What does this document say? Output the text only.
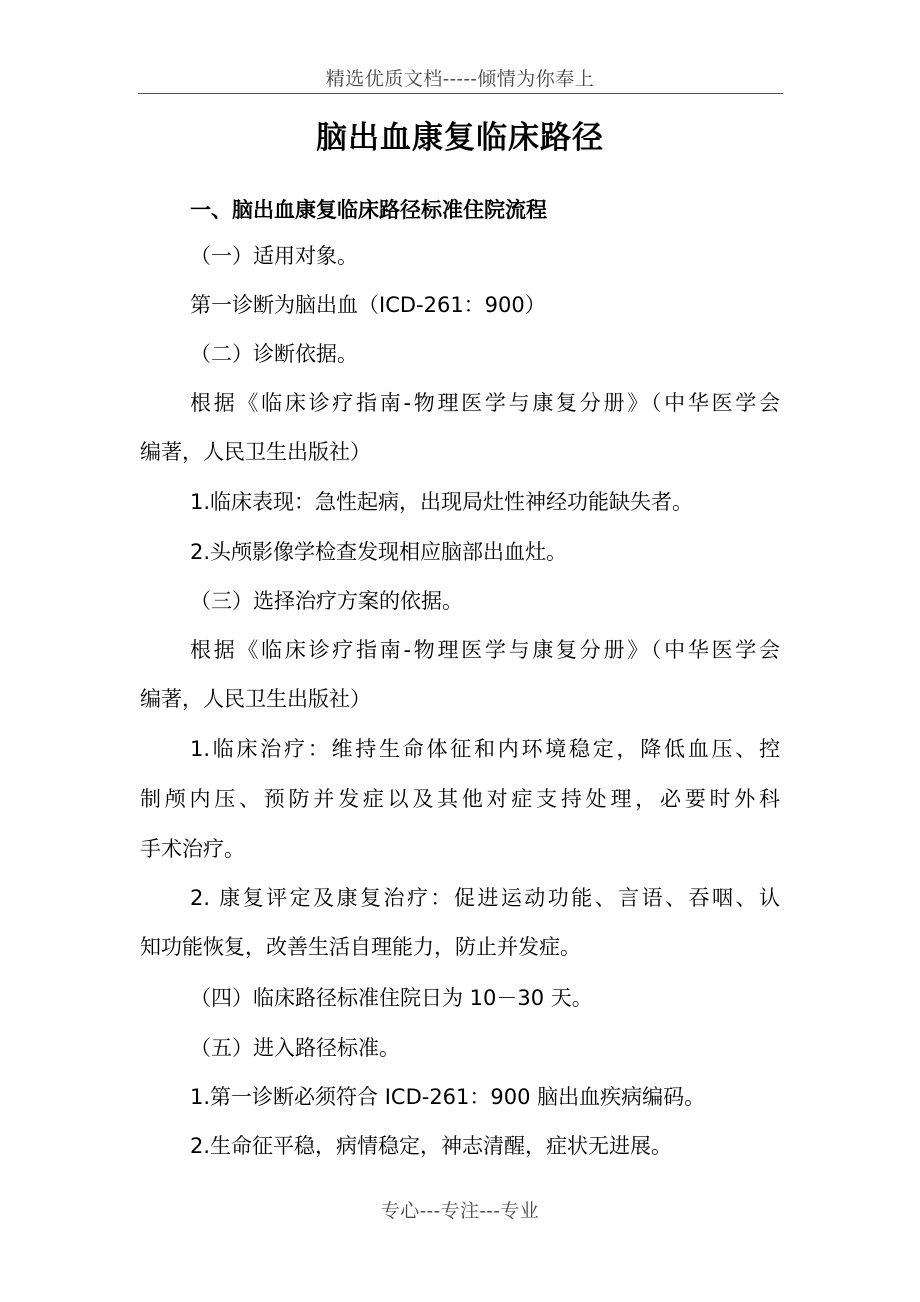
精选优质文档-----倾情为你奉上
脑出血康复临床路径
一、脑出血康复临床路径标准住院流程
（一）适用对象。
第一诊断为脑出血（ICD-261：900）
（二）诊断依据。
根据《临床诊疗指南-物理医学与康复分册》（中华医学会
编著，人民卫生出版社）
1.临床表现：急性起病，出现局灶性神经功能缺失者。
2.头颅影像学检查发现相应脑部出血灶。
（三）选择治疗方案的依据。
根据《临床诊疗指南-物理医学与康复分册》（中华医学会
编著，人民卫生出版社）
1.临床治疗：维持生命体征和内环境稳定，降低血压、控
制颅内压、预防并发症以及其他对症支持处理，必要时外科
手术治疗。
2. 康复评定及康复治疗：促进运动功能、言语、吞咽、认
知功能恢复，改善生活自理能力，防止并发症。
（四）临床路径标准住院日为 10－30 天。
（五）进入路径标准。
1.第一诊断必须符合 ICD-261：900 脑出血疾病编码。
2.生命征平稳，病情稳定，神志清醒，症状无进展。
专心---专注---专业
